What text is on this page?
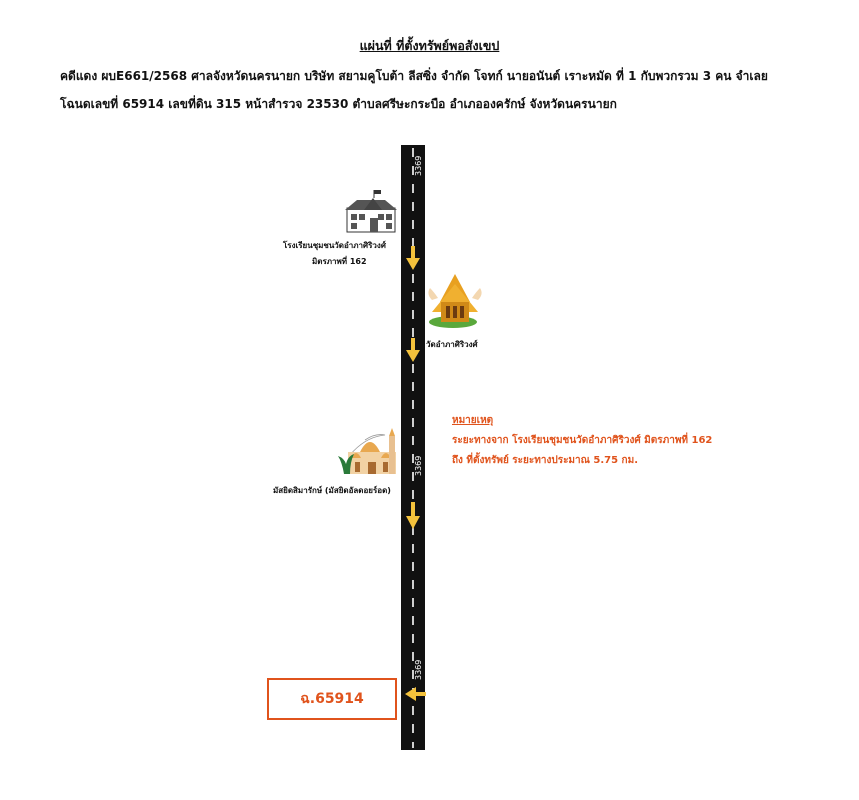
แผ่นที่ ที่ตั้งทรัพย์พอสังเขป
คดีแดง ผบE661/2568 ศาลจังหวัดนครนายก บริษัท สยามคูโบต้า ลีสซิ่ง จำกัด โจทก์ นายอนันต์ เราะหมัด ที่ 1 กับพวกรวม 3 คน จำเลย
โฉนดเลขที่ 65914 เลขที่ดิน 315 หน้าสำรวจ 23530 ตำบลศรีษะกระบือ อำเภอองครักษ์ จังหวัดนครนายก
3369
3369
3369
โรงเรียนชุมชนวัดอำภาศิริวงศ์
มิตรภาพที่ 162
วัดอำภาศิริวงศ์
มัสยิดสิมารักษ์ (มัสยิดอัลดอยร์อด)
หมายเหตุ
ระยะทางจาก โรงเรียนชุมชนวัดอำภาศิริวงศ์ มิตรภาพที่ 162
ถึง ที่ตั้งทรัพย์ ระยะทางประมาณ 5.75 กม.
ฉ.65914
